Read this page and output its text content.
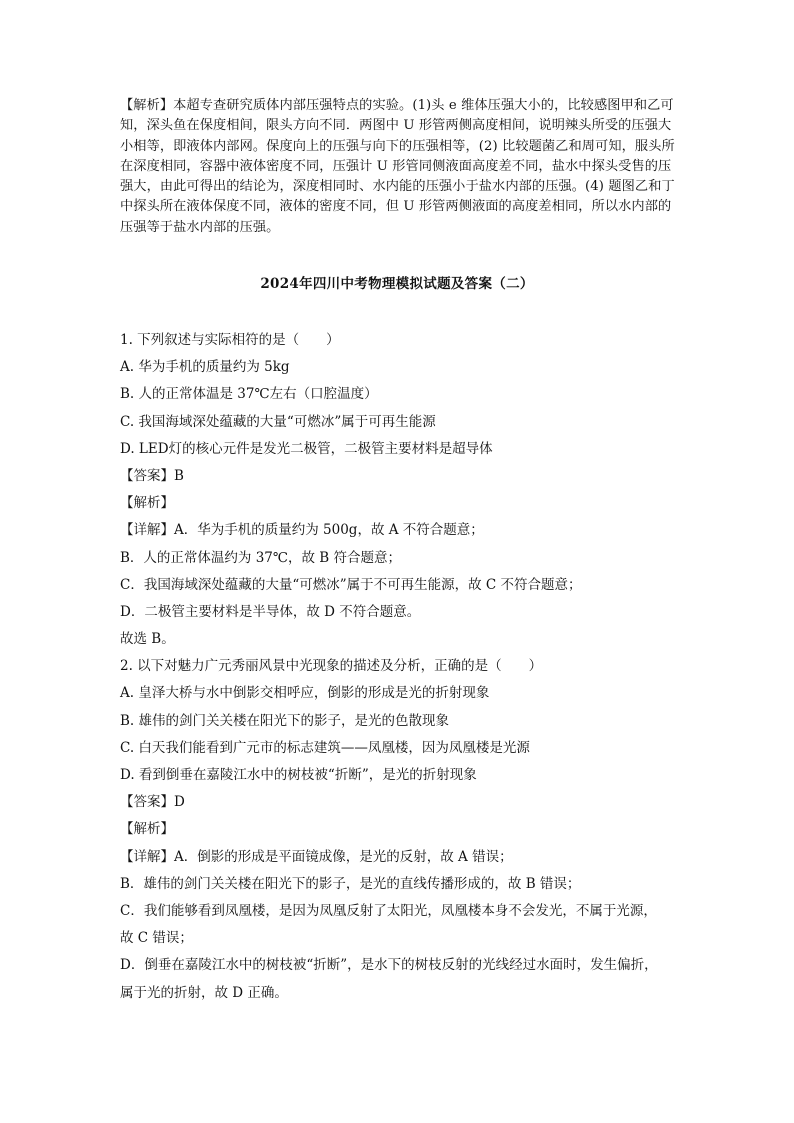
【解析】本超专查研究质体内部压强特点的实验。(1)头 e 维体压强大小的，比较感图甲和乙可知，深头鱼在保度相间，限头方向不同．两图中 U 形管两侧高度相间，说明辣头所受的压强大小相等，即液体内部网。保度向上的压强与向下的压强相等，(2) 比较题菌乙和周可知，服头所在深度相同，容器中液体密度不同，压强计 U 形管同侧液面高度差不同，盐水中探头受售的压强大，由此可得出的结论为，深度相同时、水内能的压强小于盐水内部的压强。(4) 题图乙和丁中探头所在液体保度不同，液体的密度不同，但 U 形管两侧液面的高度差相同，所以水内部的压强等于盐水内部的压强。

2024年四川中考物理模拟试题及答案（二）

1. 下列叙述与实际相符的是（　　）

A. 华为手机的质量约为 5kg

B. 人的正常体温是 37℃左右（口腔温度）

C. 我国海域深处蕴藏的大量“可燃冰”属于可再生能源

D. LED灯的核心元件是发光二极管，二极管主要材料是超导体

【答案】B

【解析】

【详解】A．华为手机的质量约为 500g，故 A 不符合题意；

B．人的正常体温约为 37℃，故 B 符合题意；

C．我国海域深处蕴藏的大量“可燃冰”属于不可再生能源，故 C 不符合题意；

D．二极管主要材料是半导体，故 D 不符合题意。

故选 B。

2. 以下对魅力广元秀丽风景中光现象的描述及分析，正确的是（　　）

A. 皇泽大桥与水中倒影交相呼应，倒影的形成是光的折射现象

B. 雄伟的剑门关关楼在阳光下的影子，是光的色散现象

C. 白天我们能看到广元市的标志建筑——凤凰楼，因为凤凰楼是光源

D. 看到倒垂在嘉陵江水中的树枝被“折断”，是光的折射现象

【答案】D

【解析】

【详解】A．倒影的形成是平面镜成像，是光的反射，故 A 错误；

B．雄伟的剑门关关楼在阳光下的影子，是光的直线传播形成的，故 B 错误；

C．我们能够看到凤凰楼，是因为凤凰反射了太阳光，凤凰楼本身不会发光，不属于光源，

故 C 错误；

D．倒垂在嘉陵江水中的树枝被“折断”，是水下的树枝反射的光线经过水面时，发生偏折，

属于光的折射，故 D 正确。
